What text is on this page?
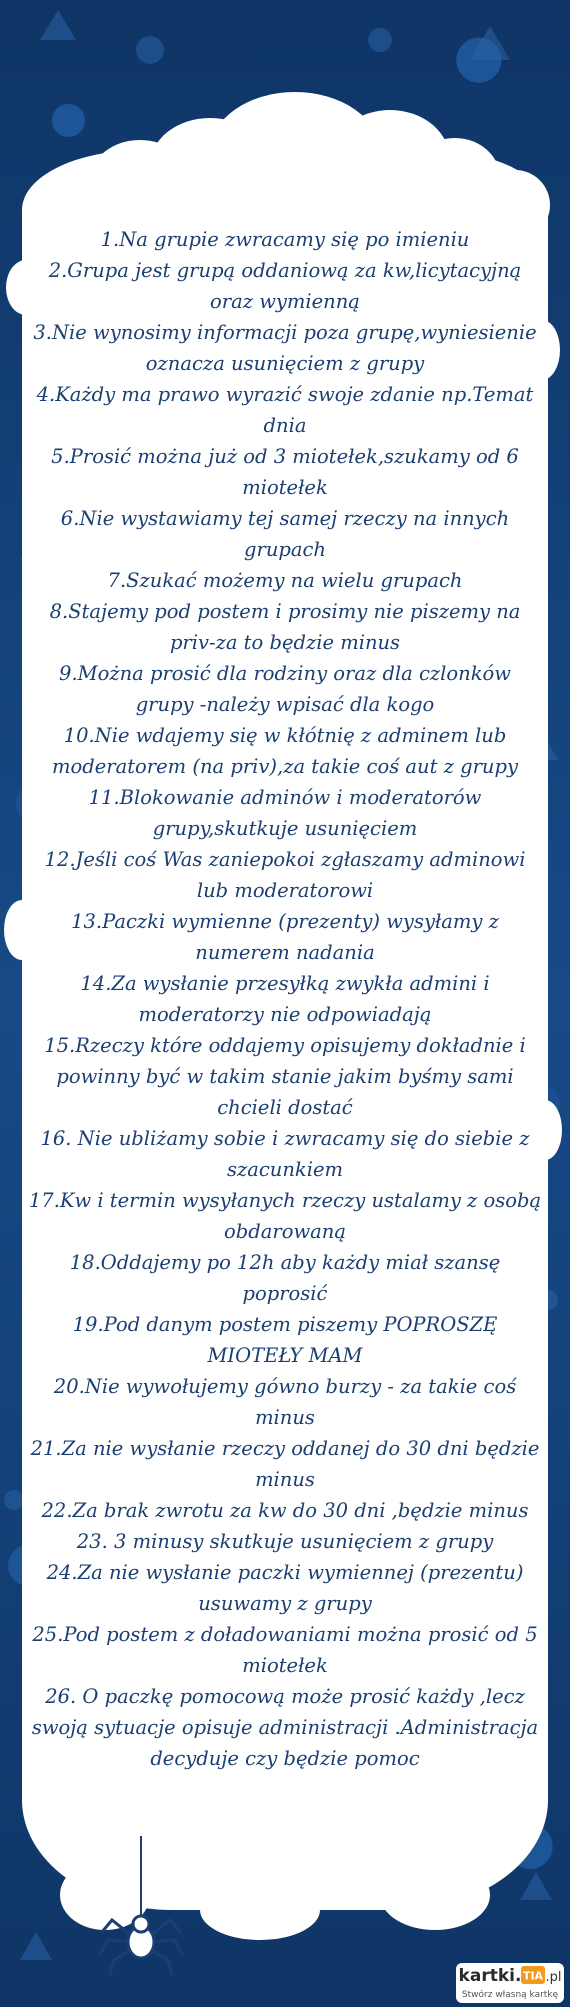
1.Na grupie zwracamy się po imieniu
2.Grupa jest grupą oddaniową za kw,licytacyjną oraz wymienną
3.Nie wynosimy informacji poza grupę,wyniesienie oznacza usunięciem z grupy
4.Każdy ma prawo wyrazić swoje zdanie np.Temat dnia
5.Prosić można już od 3 miotełek,szukamy od 6 miotełek
6.Nie wystawiamy tej samej rzeczy na innych grupach
7.Szukać możemy na wielu grupach
8.Stajemy pod postem i prosimy nie piszemy na priv-za to będzie minus
9.Można prosić dla rodziny oraz dla czlonków grupy -należy wpisać dla kogo
10.Nie wdajemy się w kłótnię z adminem lub moderatorem (na priv),za takie coś aut z grupy
11.Blokowanie adminów i moderatorów grupy,skutkuje usunięciem
12.Jeśli coś Was zaniepokoi zgłaszamy adminowi lub moderatorowi
13.Paczki wymienne (prezenty) wysyłamy z numerem nadania
14.Za wysłanie przesyłką zwykła admini i moderatorzy nie odpowiadają
15.Rzeczy które oddajemy opisujemy dokładnie i powinny być w takim stanie jakim byśmy sami chcieli dostać
16. Nie ubliżamy sobie i zwracamy się do siebie z szacunkiem
17.Kw i termin wysyłanych rzeczy ustalamy z osobą obdarowaną
18.Oddajemy po 12h aby każdy miał szansę poprosić
19.Pod danym postem piszemy POPROSZĘ MIOTEŁY MAM
20.Nie wywołujemy gówno burzy - za takie coś minus
21.Za nie wysłanie rzeczy oddanej do 30 dni będzie minus
22.Za brak zwrotu za kw do 30 dni ,będzie minus
23. 3 minusy skutkuje usunięciem z grupy
24.Za nie wysłanie paczki wymiennej (prezentu) usuwamy z grupy
25.Pod postem z doładowaniami można prosić od 5 miotełek
26. O paczkę pomocową może prosić każdy ,lecz swoją sytuacje opisuje administracji .Administracja decyduje czy będzie pomoc
kartki. TIA .pl
Stwórz własną kartkę
